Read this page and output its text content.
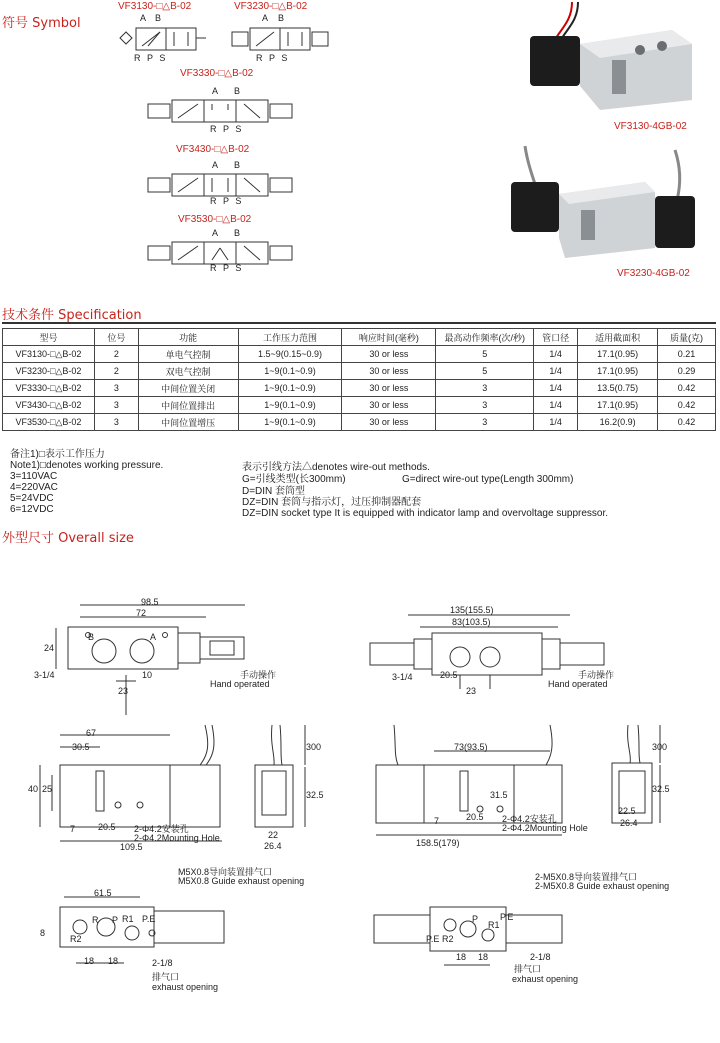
符号 Symbol
VF3130-□△B-02
A B
R P S
VF3230-□△B-02
A B
R P S
VF3330-□△B-02
A B
R P S
VF3430-□△B-02
A B
R P S
VF3530-□△B-02
A B
R P S
VF3130-4GB-02
VF3230-4GB-02
技术条件 Specification
型号	位号	功能	工作压力范围	响应时间(毫秒)	最高动作频率(次/秒)	管口径	适用截面积	质量(克)
VF3130-□△B-02	2	单电气控制	1.5~9(0.15~0.9)	30 or less	5	1/4	17.1(0.95)	0.21
VF3230-□△B-02	2	双电气控制	1~9(0.1~0.9)	30 or less	5	1/4	17.1(0.95)	0.29
VF3330-□△B-02	3	中间位置关闭	1~9(0.1~0.9)	30 or less	3	1/4	13.5(0.75)	0.42
VF3430-□△B-02	3	中间位置排出	1~9(0.1~0.9)	30 or less	3	1/4	17.1(0.95)	0.42
VF3530-□△B-02	3	中间位置增压	1~9(0.1~0.9)	30 or less	3	1/4	16.2(0.9)	0.42
备注1)□表示工作压力
Note1)□denotes working pressure.
3=110VAC
4=220VAC
5=24VDC
6=12VDC
表示引线方法△denotes wire-out methods.
G=引线类型(长300mm)	G=direct wire-out type(Length 300mm)
D=DIN 套筒型
DZ=DIN 套筒与指示灯，过压抑制器配套
DZ=DIN socket type It is equipped with indicator lamp and overvoltage suppressor.
外型尺寸 Overall size
98.5
72
24
B	A
10
3-1/4
23
手动操作
Hand operated
67
30.5
40 25
7	20.5 2-Φ4.2安装孔
2-Φ4.2Mounting Hole
109.5
300
32.5
22
26.4
M5X0.8导向装置排气口
M5X0.8 Guide exhaust opening
61.5
8
R P	P.E
R2
R1
18 18	2-1/8
排气口
exhaust opening
135(155.5)
83(103.5)
3-1/4	20.5
23
手动操作
Hand operated
73(93.5)
31.5
7	20.5 2-Φ4.2安装孔
2-Φ4.2Mounting Hole
158.5(179)
300
32.5
22.5
26.4
2-M5X0.8导向装置排气口
2-M5X0.8 Guide exhaust opening
P.E R2
P
R1
P.E
18 18	2-1/8
排气口
exhaust opening
